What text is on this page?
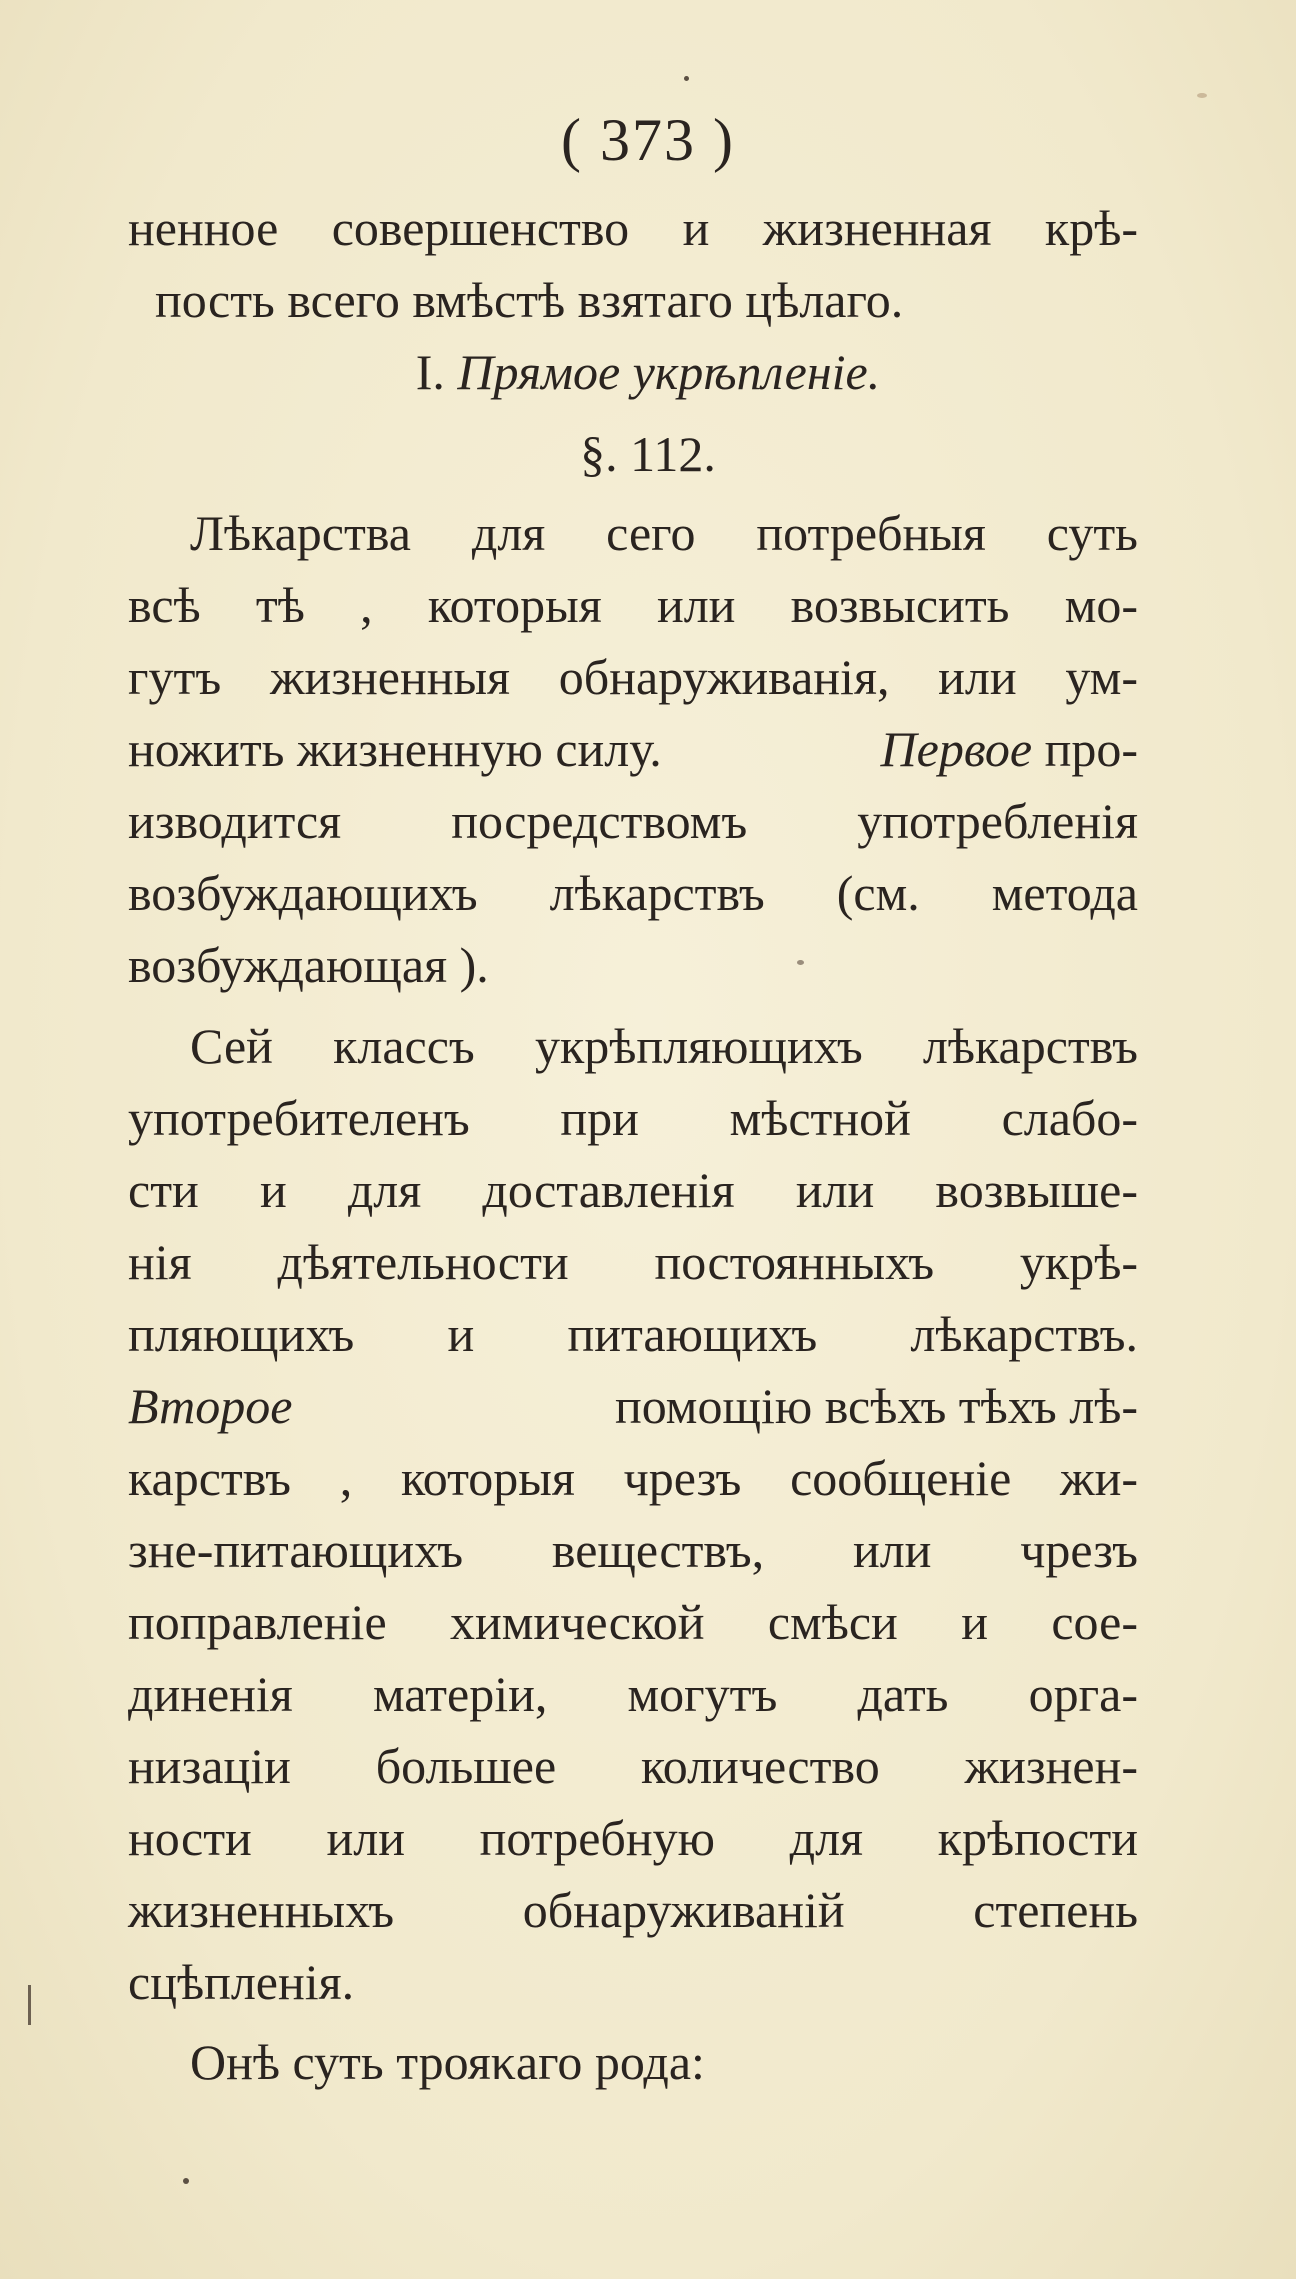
( 373 )
ненное совершенство и жизненная крѣ-
пость всего вмѣстѣ взятаго цѣлаго.
I. Прямое укрѣпленіе.
§. 112.
Лѣкарства для сего потребныя суть
всѣ тѣ , которыя или возвысить мо-
гутъ жизненныя обнаруживанія, или ум-
ножить жизненную силу.	Первое про-
изводится посредствомъ употребленія
возбуждающихъ лѣкарствъ (см. метода
возбуждающая ).
Сей классъ укрѣпляющихъ лѣкарствъ
употребителенъ при мѣстной слабо-
сти и для доставленія или возвыше-
нія дѣятельности постоянныхъ укрѣ-
пляющихъ и питающихъ лѣкарствъ.
Второе	помощію всѣхъ тѣхъ лѣ-
карствъ , которыя чрезъ сообщеніе жи-
зне-питающихъ веществъ, или чрезъ
поправленіе химической смѣси и сое-
диненія матеріи, могутъ дать орга-
низаціи большее количество жизнен-
ности или потребную для крѣпости
жизненныхъ обнаруживаній степень
сцѣпленія.
Онѣ суть трояκаго рода:
